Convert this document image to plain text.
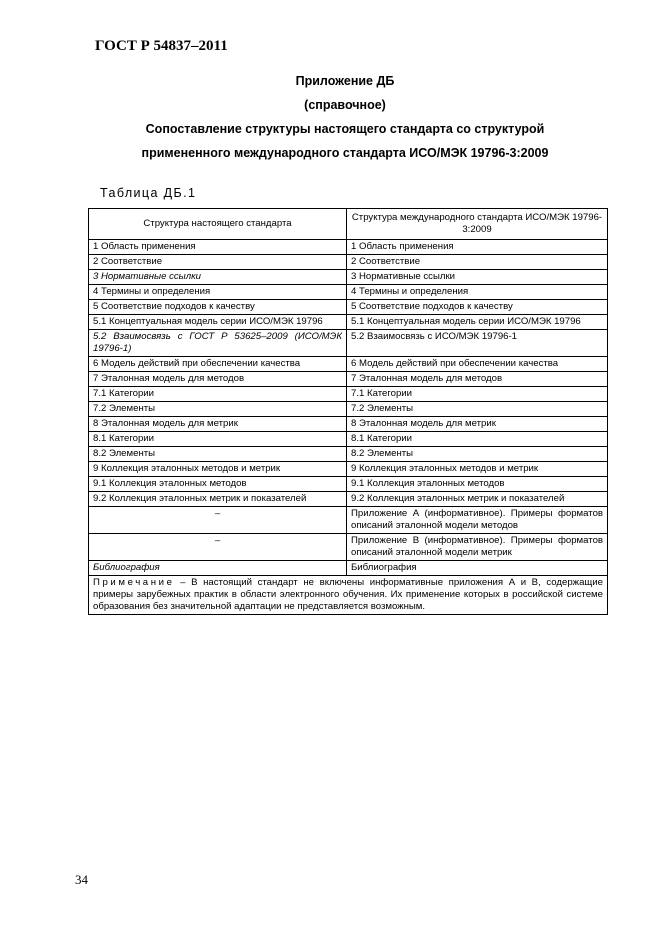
ГОСТ Р 54837–2011
Приложение ДБ
(справочное)
Сопоставление структуры настоящего стандарта со структурой
примененного международного стандарта ИСО/МЭК 19796-3:2009
Таблица ДБ.1
Структура настоящего стандарта	Структура международного стандарта ИСО/МЭК 19796-3:2009
1 Область применения	1 Область применения
2 Соответствие	2 Соответствие
3 Нормативные ссылки	3 Нормативные ссылки
4 Термины и определения	4 Термины и определения
5 Соответствие подходов к качеству	5 Соответствие подходов к качеству
5.1 Концептуальная модель серии ИСО/МЭК 19796	5.1 Концептуальная модель серии ИСО/МЭК 19796
5.2 Взаимосвязь с ГОСТ Р 53625–2009 (ИСО/МЭК 19796-1)	5.2 Взаимосвязь с ИСО/МЭК 19796-1
6 Модель действий при обеспечении качества	6 Модель действий при обеспечении качества
7 Эталонная модель для методов	7 Эталонная модель для методов
7.1 Категории	7.1 Категории
7.2 Элементы	7.2 Элементы
8 Эталонная модель для метрик	8 Эталонная модель для метрик
8.1 Категории	8.1 Категории
8.2 Элементы	8.2 Элементы
9 Коллекция эталонных методов и метрик	9 Коллекция эталонных методов и метрик
9.1 Коллекция эталонных методов	9.1 Коллекция эталонных методов
9.2 Коллекция эталонных метрик и показателей	9.2 Коллекция эталонных метрик и показателей
–	Приложение А (информативное). Примеры форматов описаний эталонной модели методов
–	Приложение В (информативное). Примеры форматов описаний эталонной модели метрик
Библиография	Библиография
Примечание – В настоящий стандарт не включены информативные приложения А и В, содержащие примеры зарубежных практик в области электронного обучения. Их применение которых в российской системе образования без значительной адаптации не представляется возможным.	
34
